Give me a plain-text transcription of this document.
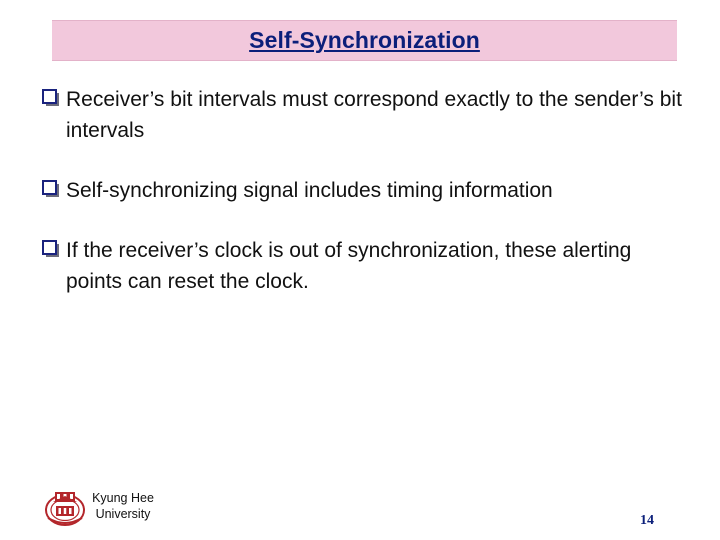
Self-Synchronization
Receiver’s bit intervals must correspond exactly to the sender’s bit intervals
Self-synchronizing signal includes timing information
If the receiver’s clock is out of synchronization, these alerting points can reset the clock.
Kyung Hee
University	14
